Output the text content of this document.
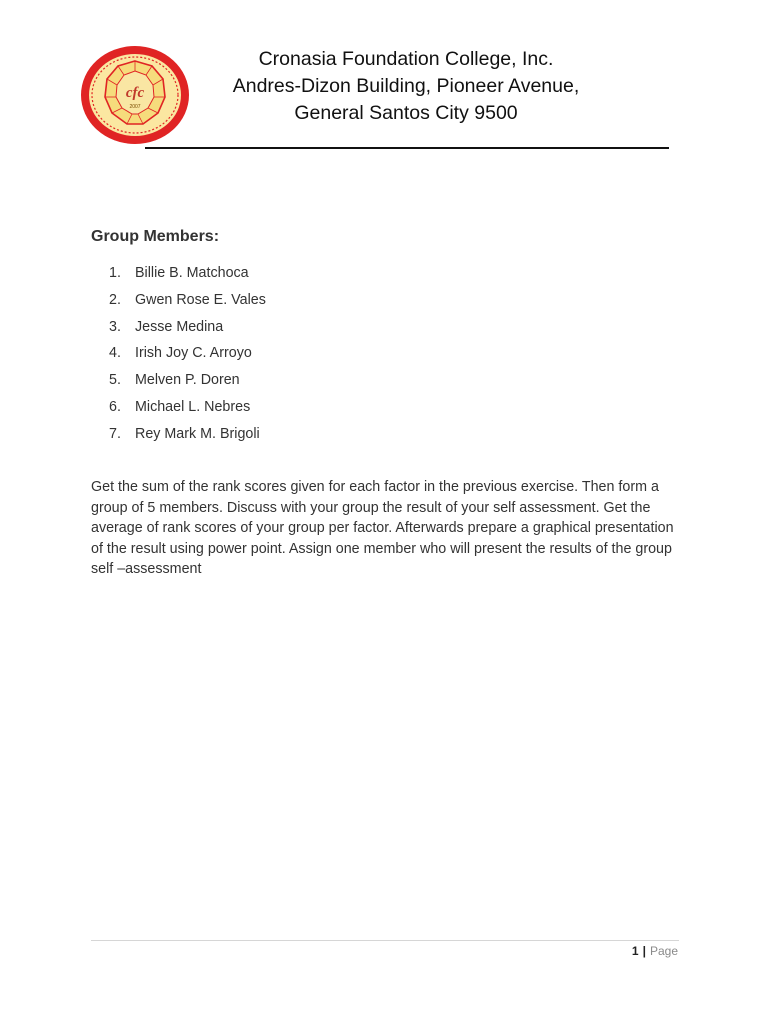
cfc
2007
Cronasia Foundation College, Inc.
Andres-Dizon Building, Pioneer Avenue,
General Santos City 9500
Group Members:
1. Billie B. Matchoca
2. Gwen Rose E. Vales
3. Jesse Medina
4. Irish Joy C. Arroyo
5. Melven P. Doren
6. Michael L. Nebres
7. Rey Mark M. Brigoli

Get the sum of the rank scores given for each factor in the previous exercise. Then form a group of 5 members. Discuss with your group the result of your self assessment. Get the average of rank scores of your group per factor. Afterwards prepare a graphical presentation of the result using power point. Assign one member who will present the results of the group self –assessment

1 | Page
